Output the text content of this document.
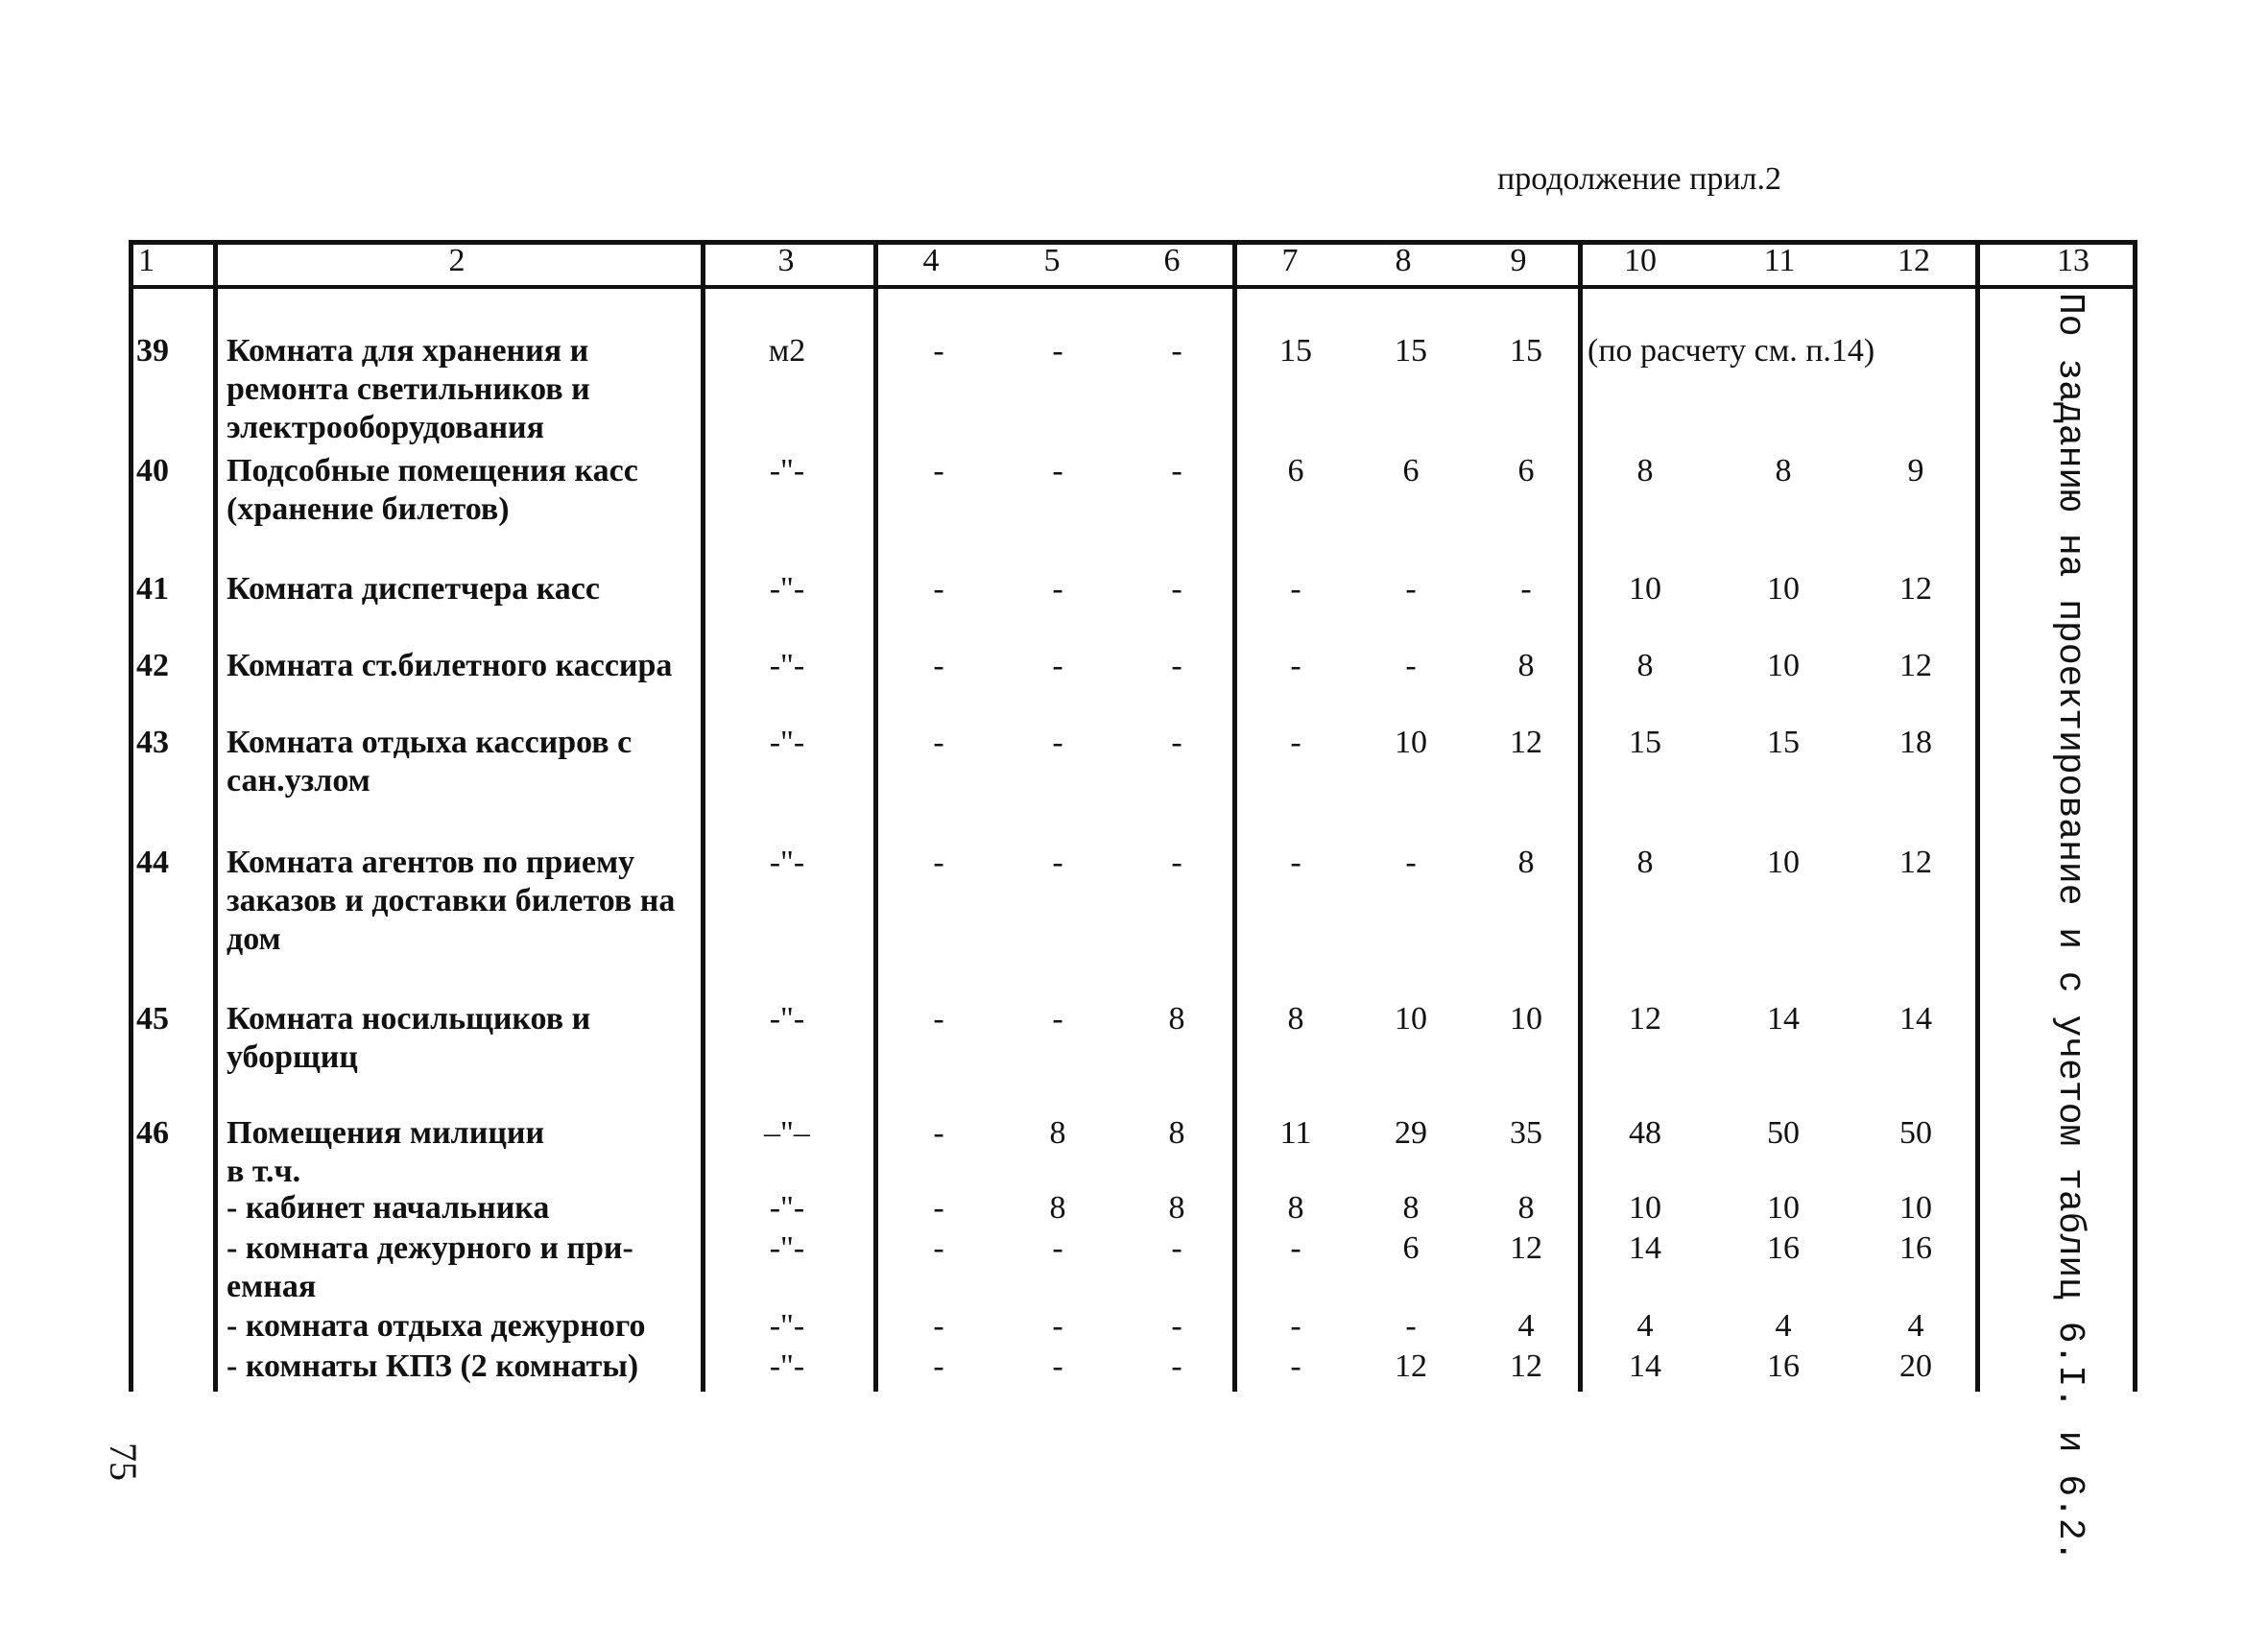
продолжение прил.2
1	2	3	4	5	6	7	8	9	10	11	12	13
39 Комната для хранения и
ремонта светильников и
электрооборудования
м2	-	-	-	15	15	15	(по расчету см. п.14)
40 Подсобные помещения касс
(хранение билетов)
-"-	-	-	-	6	6	6	8	8	9
41 Комната диспетчера касс	-"-	-	-	-	-	-	-	10	10	12
42 Комната ст.билетного кассира	-"-	-	-	-	-	-	8	8	10	12
43 Комната отдыха кассиров с
сан.узлом
-"-	-	-	-	-	10	12	15	15	18
44 Комната агентов по приему
заказов и доставки билетов на
дом
-"-	-	-	-	-	-	8	8	10	12
45 Комната носильщиков и
уборщиц
-"-	-	-	8	8	10	10	12	14	14
46 Помещения милиции
в т.ч.
–"–	-	8	8	11	29	35	48	50	50
- кабинет начальника	-"-	-	8	8	8	8	8	10	10	10
- комната дежурного и при-
емная
-"-	-	-	-	-	6	12	14	16	16
- комната отдыха дежурного	-"-	-	-	-	-	-	4	4	4	4
- комнаты КПЗ (2 комнаты)	-"-	-	-	-	-	12	12	14	16	20	По заданию на проектирование и с учетом таблиц 6.I. и 6.2.
75
